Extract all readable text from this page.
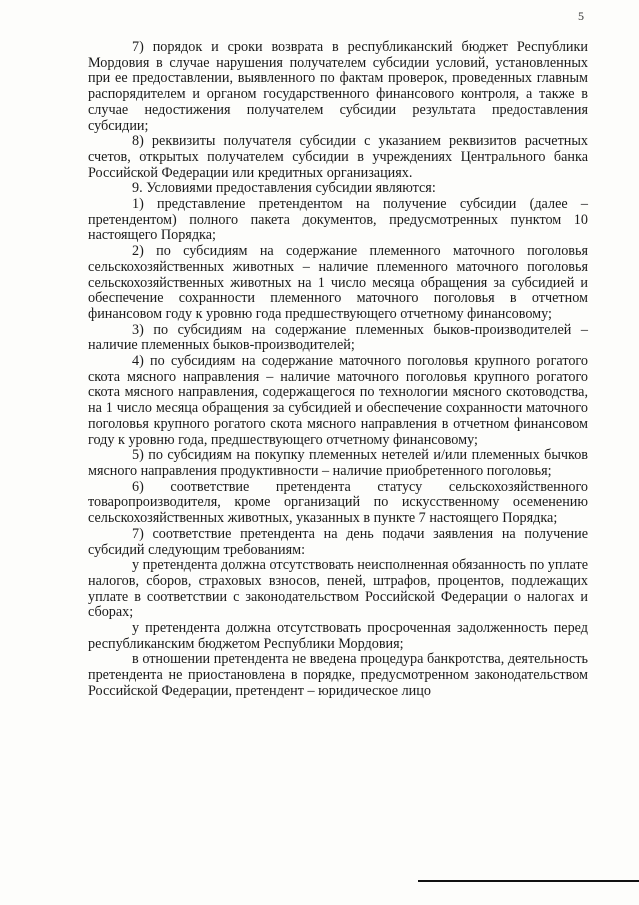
5

7) порядок и сроки возврата в республиканский бюджет Республики Мордовия в случае нарушения получателем субсидии условий, установленных при ее предоставлении, выявленного по фактам проверок, проведенных главным распорядителем и органом государственного финансового контроля, а также в случае недостижения получателем субсидии результата предоставления субсидии;

8) реквизиты получателя субсидии с указанием реквизитов расчетных счетов, открытых получателем субсидии в учреждениях Центрального банка Российской Федерации или кредитных организациях.

9. Условиями предоставления субсидии являются:

1) представление претендентом на получение субсидии (далее – претендентом) полного пакета документов, предусмотренных пунктом 10 настоящего Порядка;

2) по субсидиям на содержание племенного маточного поголовья сельскохозяйственных животных – наличие племенного маточного поголовья сельскохозяйственных животных на 1 число месяца обращения за субсидией и обеспечение сохранности племенного маточного поголовья в отчетном финансовом году к уровню года предшествующего отчетному финансовому;

3) по субсидиям на содержание племенных быков-производителей – наличие племенных быков-производителей;

4) по субсидиям на содержание маточного поголовья крупного рогатого скота мясного направления – наличие маточного поголовья крупного рогатого скота мясного направления, содержащегося по технологии мясного скотоводства, на 1 число месяца обращения за субсидией и обеспечение сохранности маточного поголовья крупного рогатого скота мясного направления в отчетном финансовом году к уровню года, предшествующего отчетному финансовому;

5) по субсидиям на покупку племенных нетелей и/или племенных бычков мясного направления продуктивности – наличие приобретенного поголовья;

6) соответствие претендента статусу сельскохозяйственного товаропроизводителя, кроме организаций по искусственному осеменению сельскохозяйственных животных, указанных в пункте 7 настоящего Порядка;

7) соответствие претендента на день подачи заявления на получение субсидий следующим требованиям:

у претендента должна отсутствовать неисполненная обязанность по уплате налогов, сборов, страховых взносов, пеней, штрафов, процентов, подлежащих уплате в соответствии с законодательством Российской Федерации о налогах и сборах;

у претендента должна отсутствовать просроченная задолженность перед республиканским бюджетом Республики Мордовия;

в отношении претендента не введена процедура банкротства, деятельность претендента не приостановлена в порядке, предусмотренном законодательством Российской Федерации, претендент – юридическое лицо
